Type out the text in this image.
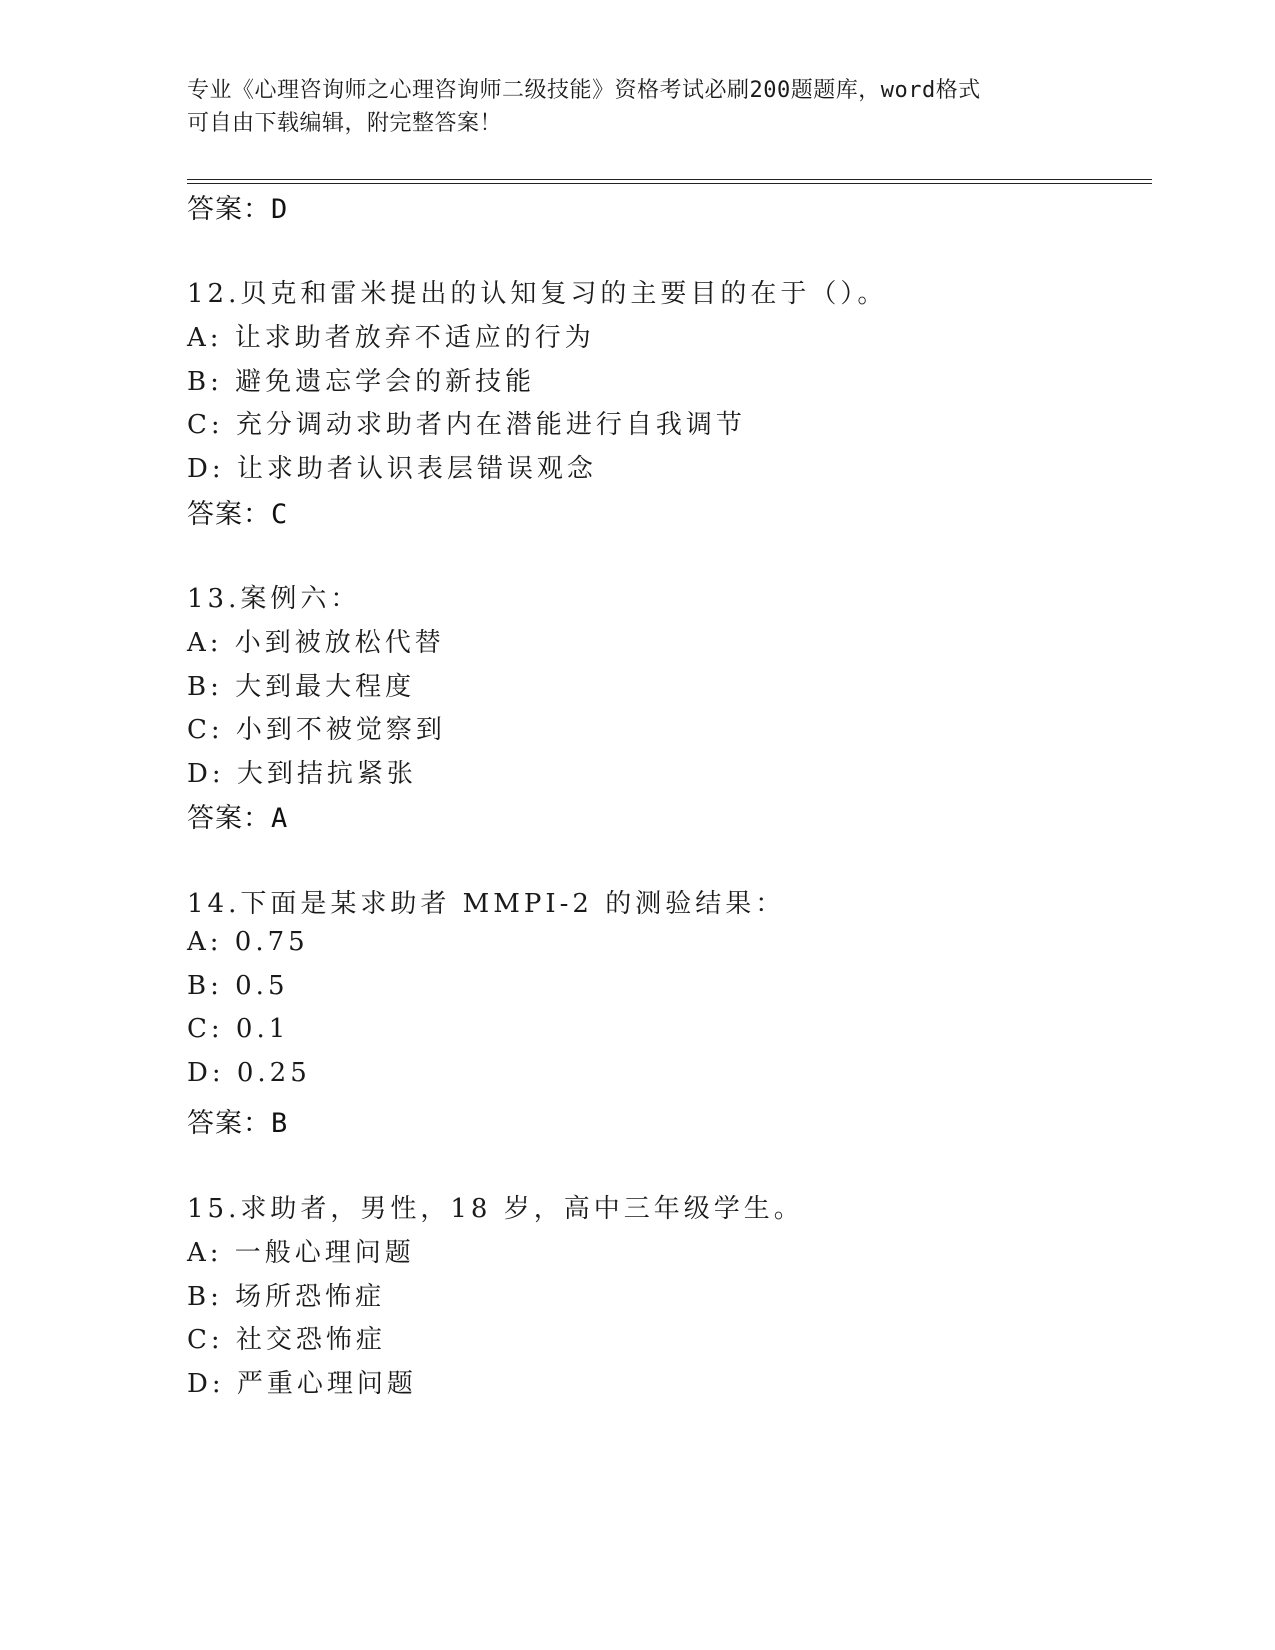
专业《心理咨询师之心理咨询师二级技能》资格考试必刷200题题库，word格式
可自由下载编辑，附完整答案！
答案：D
12.贝克和雷米提出的认知复习的主要目的在于（）。
A: 让求助者放弃不适应的行为
B: 避免遗忘学会的新技能
C: 充分调动求助者内在潜能进行自我调节
D: 让求助者认识表层错误观念
答案：C
13.案例六：
A: 小到被放松代替
B: 大到最大程度
C: 小到不被觉察到
D: 大到拮抗紧张
答案：A
14.下面是某求助者 MMPI-2 的测验结果：
A: 0.75
B: 0.5
C: 0.1
D: 0.25
答案：B
15.求助者，男性，18 岁，高中三年级学生。
A: 一般心理问题
B: 场所恐怖症
C: 社交恐怖症
D: 严重心理问题
